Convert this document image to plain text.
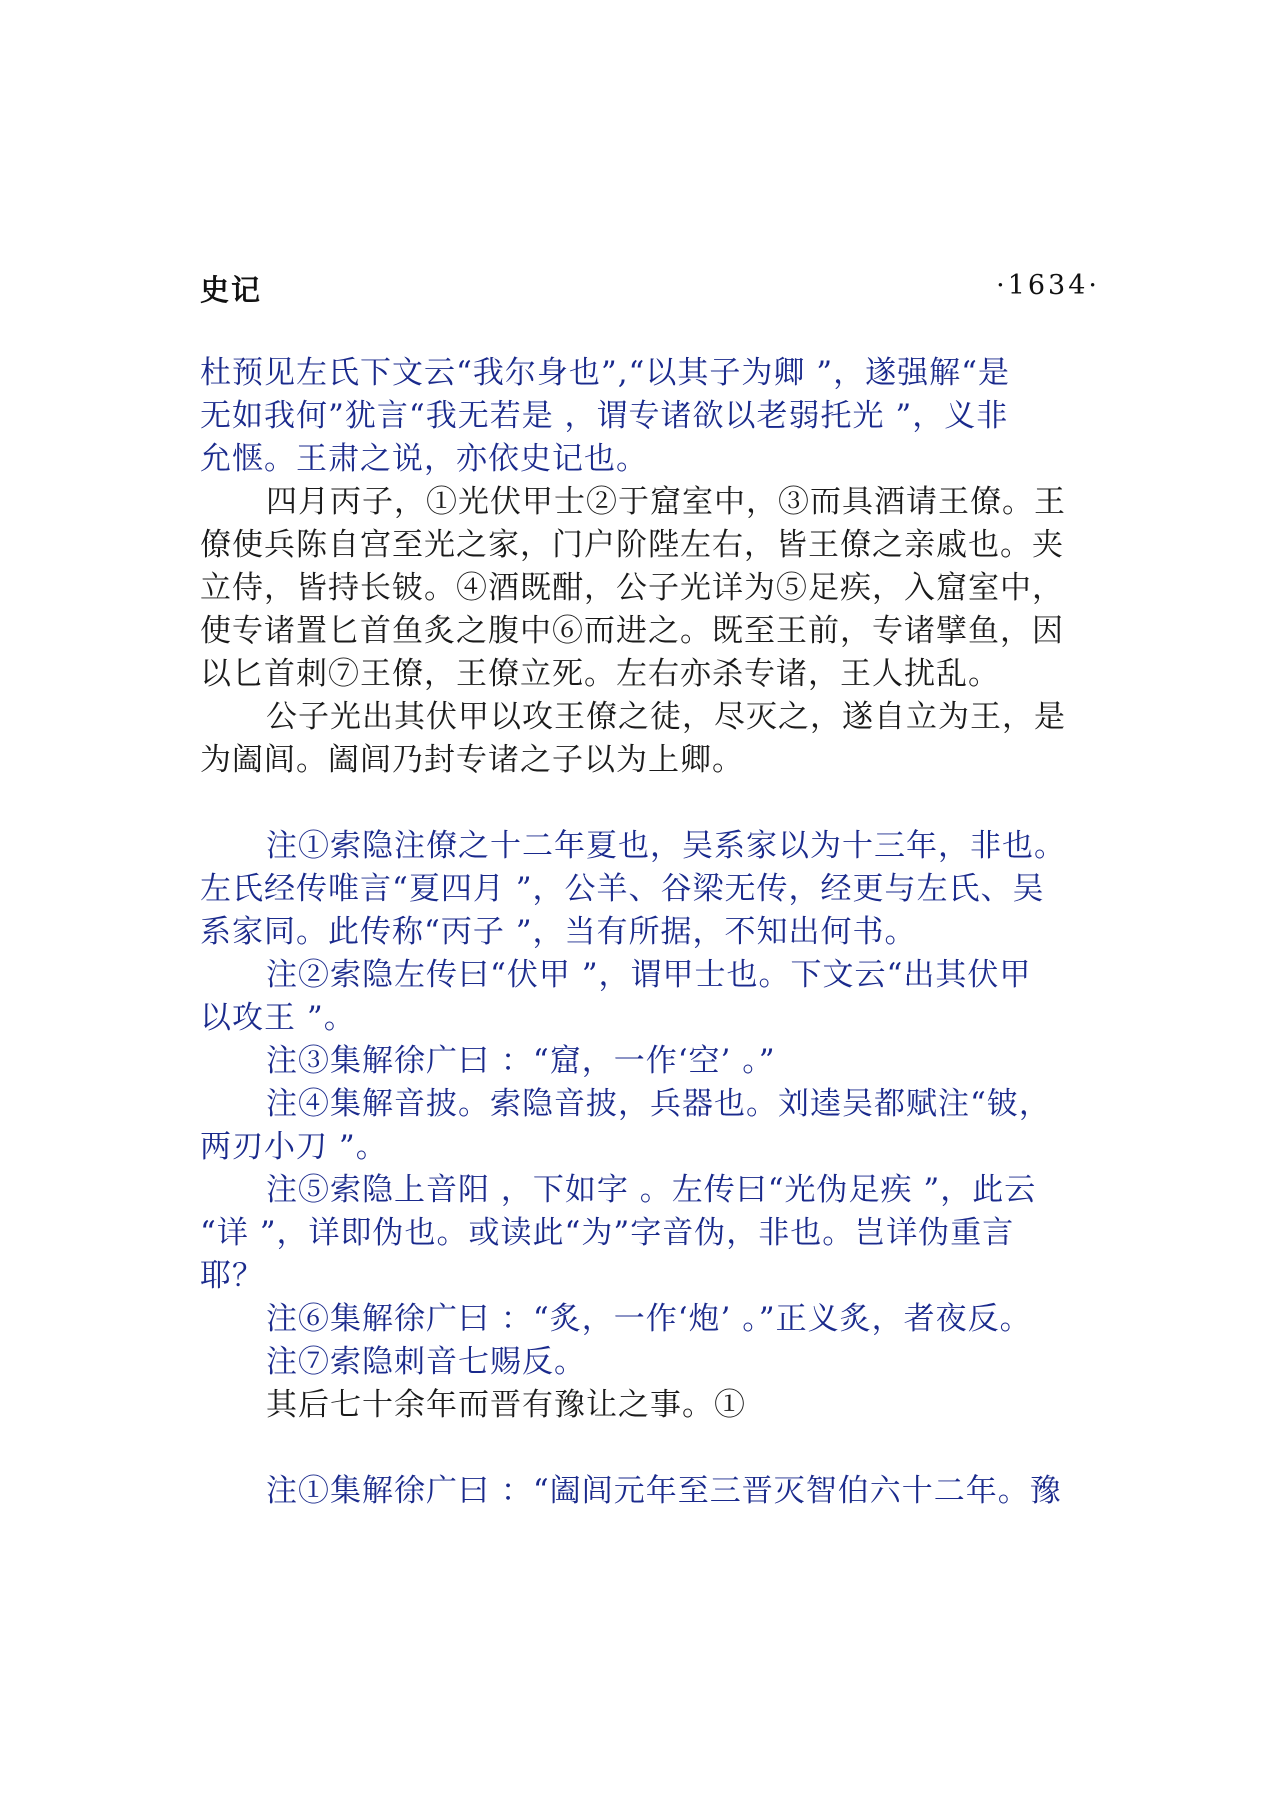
史记	·1634·
杜预见左氏下文云“我尔身也”,“以其子为卿 ”，遂强解“是
无如我何”犹言“我无若是 ，谓专诸欲以老弱托光 ”，义非
允惬。王肃之说，亦依史记也。
四月丙子，①光伏甲士②于窟室中，③而具酒请王僚。王
僚使兵陈自宫至光之家，门户阶陛左右，皆王僚之亲戚也。夹
立侍，皆持长铍。④酒既酣，公子光详为⑤足疾，入窟室中，
使专诸置匕首鱼炙之腹中⑥而进之。既至王前，专诸擘鱼，因
以匕首刺⑦王僚，王僚立死。左右亦杀专诸，王人扰乱。
公子光出其伏甲以攻王僚之徒，尽灭之，遂自立为王，是
为阖闾。阖闾乃封专诸之子以为上卿。
注①索隐注僚之十二年夏也，吴系家以为十三年，非也。
左氏经传唯言“夏四月 ”，公羊、谷梁无传，经更与左氏、吴
系家同。此传称“丙子 ”，当有所据，不知出何书。
注②索隐左传曰“伏甲 ”，谓甲士也。下文云“出其伏甲
以攻王 ”。
注③集解徐广曰 ：“窟，一作‘空’ 。”
注④集解音披。索隐音披，兵器也。刘逵吴都赋注“铍，
两刃小刀 ”。
注⑤索隐上音阳 ，下如字 。左传曰“光伪足疾 ”，此云
“详 ”，详即伪也。或读此“为”字音伪，非也。岂详伪重言
耶？
注⑥集解徐广曰 ：“炙，一作‘炮’ 。”正义炙，者夜反。
注⑦索隐刺音七赐反。
其后七十余年而晋有豫让之事。①
注①集解徐广曰 ：“阖闾元年至三晋灭智伯六十二年。豫
